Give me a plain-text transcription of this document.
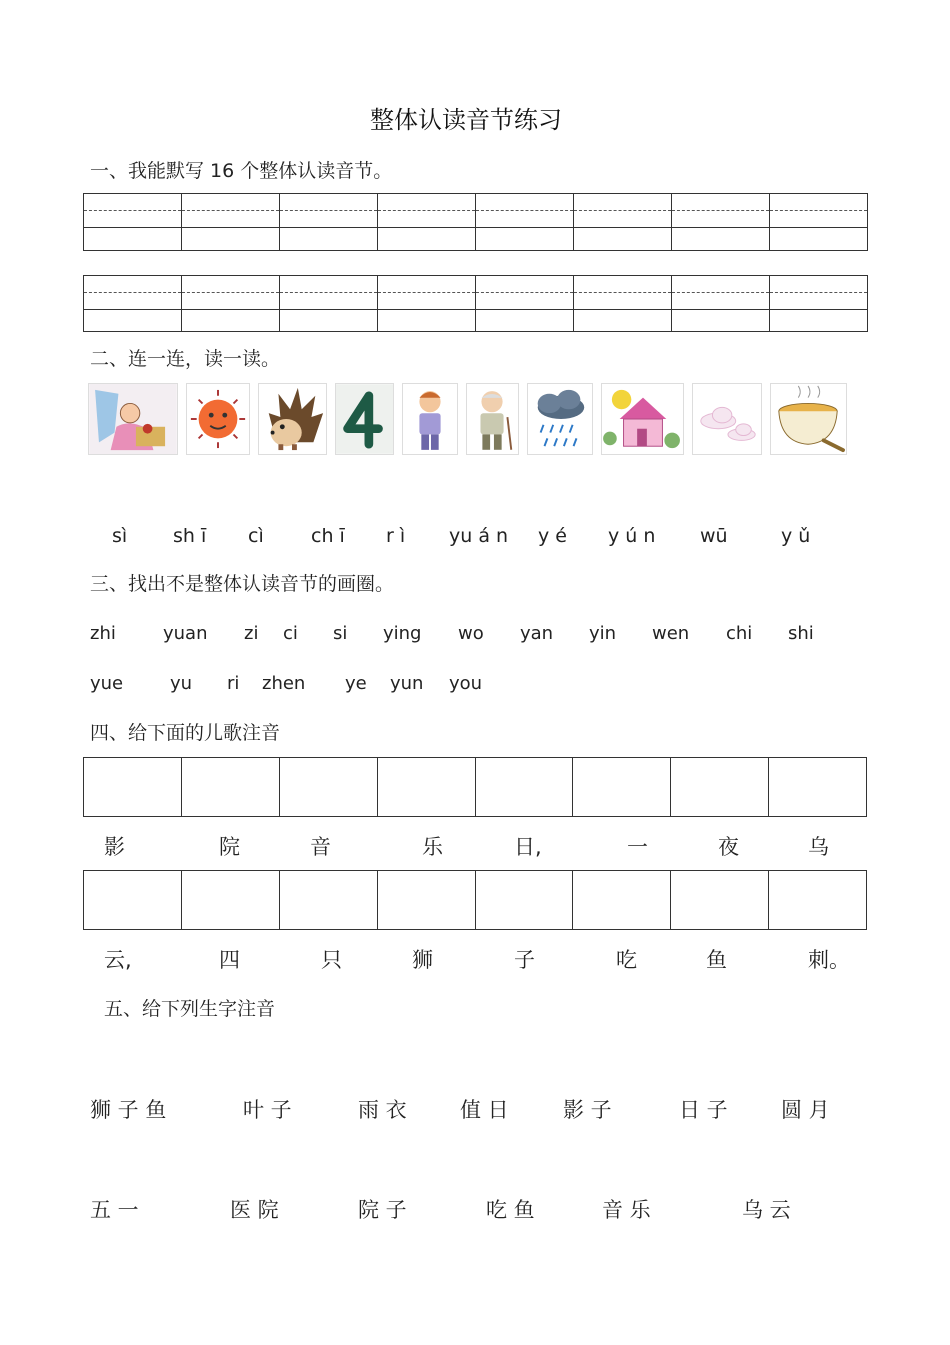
整体认读音节练习
一、我能默写 16 个整体认读音节。
二、连一连，读一读。
sì sh ī cì ch ī r ì yu á n y é y ú n wū	y ǔ
三、找出不是整体认读音节的画圈。
zhi	yuan zi ci si ying wo yan yin wen chi shi
yue	yu ri zhen ye yun you
四、给下面的儿歌注音
影	院	音	乐	日,	一	夜	乌
云,	四	只	狮	子	吃	鱼	刺。
五、给下列生字注音
狮 子 鱼	叶 子	雨 衣	值 日	影 子	日 子	圆 月
五 一	医 院	院 子	吃 鱼	音 乐	乌 云
